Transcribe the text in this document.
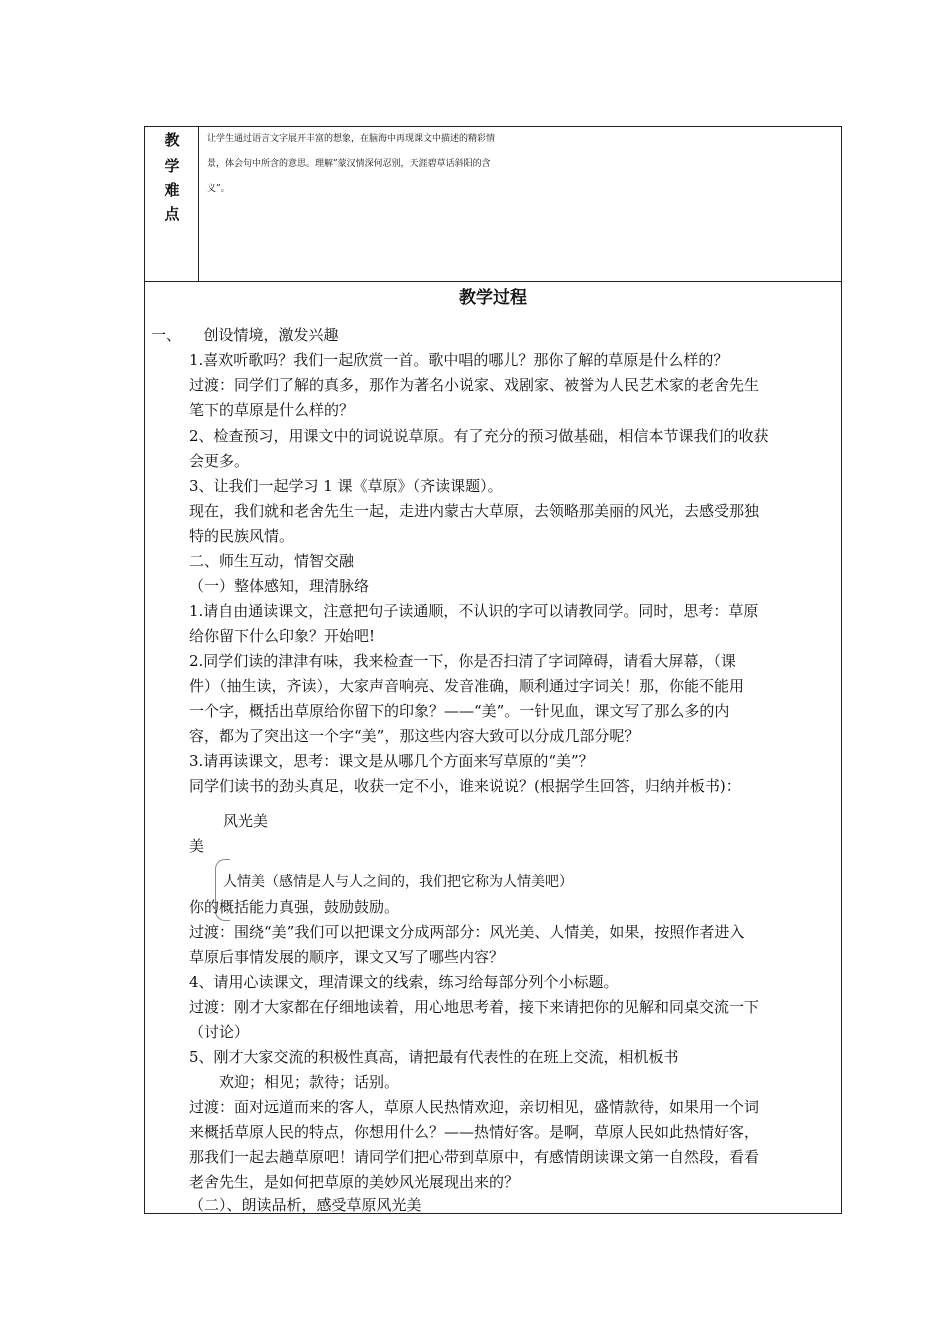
教
学
难
点

让学生通过语言文字展开丰富的想象，在脑海中再现课文中描述的精彩情

景，体会句中所含的意思。理解”蒙汉情深何忍别，天涯碧草话斜阳的含

义”。

教学过程
一、　　创设情境，激发兴趣
1.喜欢听歌吗？我们一起欣赏一首。歌中唱的哪儿？那你了解的草原是什么样的？
过渡：同学们了解的真多，那作为著名小说家、戏剧家、被誉为人民艺术家的老舍先生
笔下的草原是什么样的？
2、检查预习，用课文中的词说说草原。有了充分的预习做基础，相信本节课我们的收获
会更多。
3、让我们一起学习 1 课《草原》（齐读课题）。
现在，我们就和老舍先生一起，走进内蒙古大草原，去领略那美丽的风光，去感受那独
特的民族风情。
二、师生互动，情智交融
（一）整体感知，理清脉络
1.请自由通读课文，注意把句子读通顺，不认识的字可以请教同学。同时，思考：草原
给你留下什么印象？开始吧!
2.同学们读的津津有味，我来检查一下，你是否扫清了字词障碍，请看大屏幕，（课
件）（抽生读，齐读），大家声音响亮、发音准确，顺利通过字词关！那，你能不能用
一个字，概括出草原给你留下的印象？——“美”。一针见血，课文写了那么多的内
容，都为了突出这一个字“美”，那这些内容大致可以分成几部分呢？
3.请再读课文，思考：课文是从哪几个方面来写草原的“美”？
同学们读书的劲头真足，收获一定不小，谁来说说？(根据学生回答，归纳并板书)：
风光美
美
人情美（感情是人与人之间的，我们把它称为人情美吧）
你的概括能力真强，鼓励鼓励。
过渡：围绕“美”我们可以把课文分成两部分：风光美、人情美，如果，按照作者进入
草原后事情发展的顺序，课文又写了哪些内容？
4、请用心读课文，理清课文的线索，练习给每部分列个小标题。
过渡：刚才大家都在仔细地读着，用心地思考着，接下来请把你的见解和同桌交流一下
（讨论）
5、刚才大家交流的积极性真高，请把最有代表性的在班上交流，相机板书
　　欢迎；相见；款待；话别。
过渡：面对远道而来的客人，草原人民热情欢迎，亲切相见，盛情款待，如果用一个词
来概括草原人民的特点，你想用什么？——热情好客。是啊，草原人民如此热情好客，
那我们一起去趟草原吧！请同学们把心带到草原中，有感情朗读课文第一自然段，看看
老舍先生，是如何把草原的美妙风光展现出来的？
（二）、朗读品析，感受草原风光美
